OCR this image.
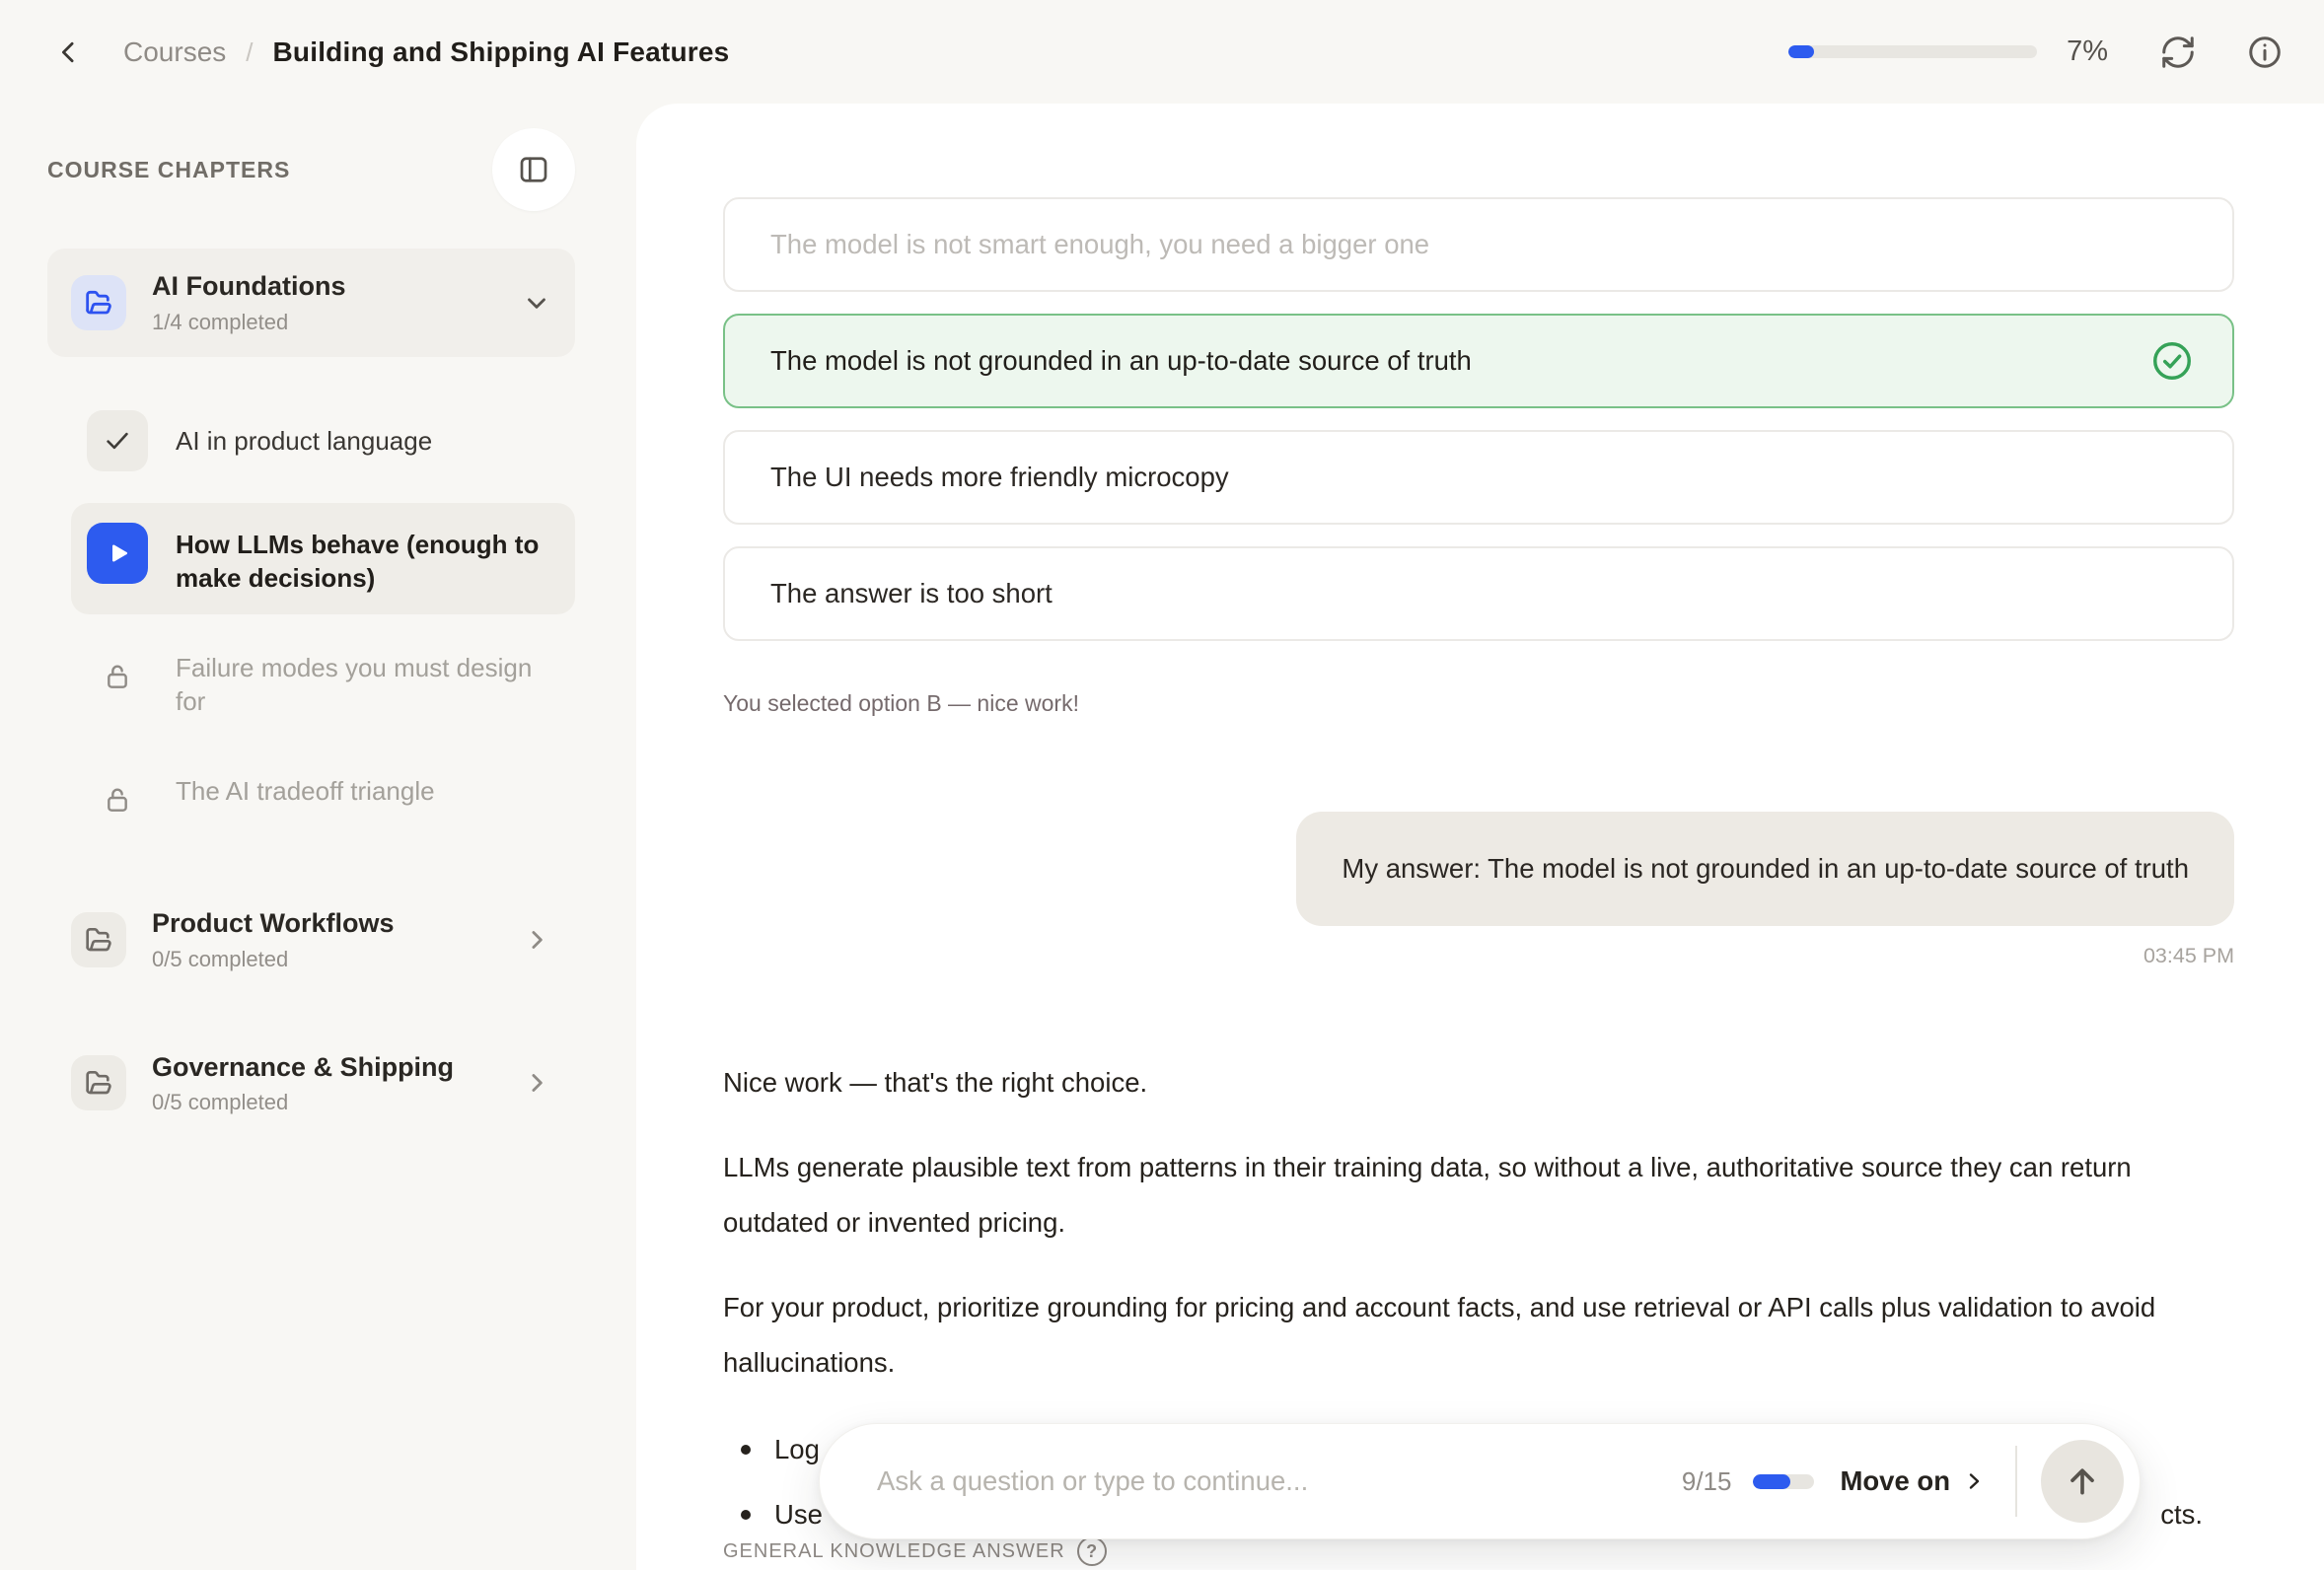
Courses / Building and Shipping AI Features	7%
COURSE CHAPTERS
AI Foundations
1/4 completed
AI in product language
How LLMs behave (enough to make decisions)
Failure modes you must design for
The AI tradeoff triangle
Product Workflows
0/5 completed
Governance & Shipping
0/5 completed
The model is not smart enough, you need a bigger one
The model is not grounded in an up-to-date source of truth
The UI needs more friendly microcopy
The answer is too short
You selected option B — nice work!
My answer: The model is not grounded in an up-to-date source of truth
03:45 PM

Nice work — that's the right choice.

LLMs generate plausible text from patterns in their training data, so without a live, authoritative source they can return outdated or invented pricing.

For your product, prioritize grounding for pricing and account facts, and use retrieval or API calls plus validation to avoid hallucinations.

Log
Use	cts.
GENERAL KNOWLEDGE ANSWER	?
Ask a question or type to continue...
9/15	Move on
